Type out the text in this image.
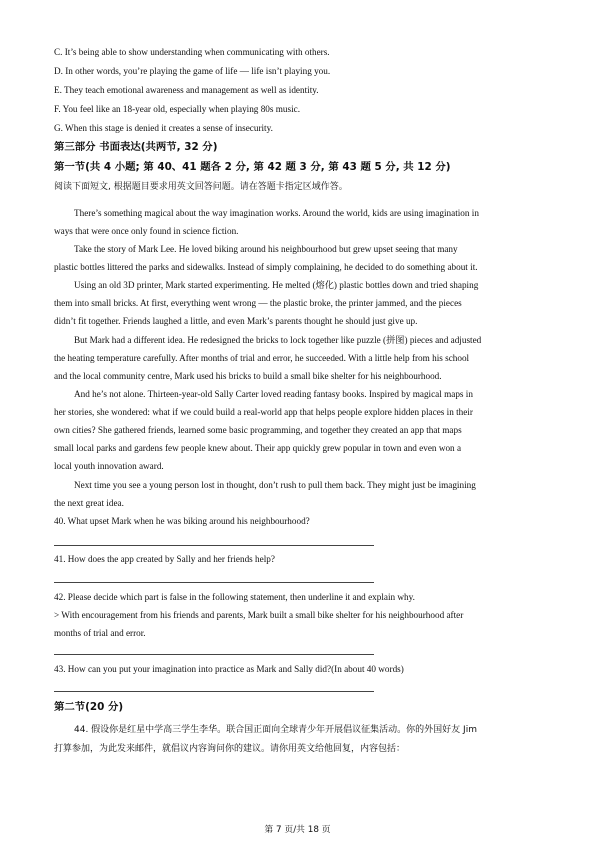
C. It’s being able to show understanding when communicating with others.
D. In other words, you’re playing the game of life — life isn’t playing you.
E. They teach emotional awareness and management as well as identity.
F. You feel like an 18-year old, especially when playing 80s music.
G. When this stage is denied it creates a sense of insecurity.
第三部分 书面表达(共两节, 32 分)
第一节(共 4 小题; 第 40、41 题各 2 分, 第 42 题 3 分, 第 43 题 5 分, 共 12 分)
阅读下面短文, 根据题目要求用英文回答问题。请在答题卡指定区域作答。
There’s something magical about the way imagination works. Around the world, kids are using imagination in
ways that were once only found in science fiction.
Take the story of Mark Lee. He loved biking around his neighbourhood but grew upset seeing that many
plastic bottles littered the parks and sidewalks. Instead of simply complaining, he decided to do something about it.
Using an old 3D printer, Mark started experimenting. He melted (熔化) plastic bottles down and tried shaping
them into small bricks. At first, everything went wrong — the plastic broke, the printer jammed, and the pieces
didn’t fit together. Friends laughed a little, and even Mark’s parents thought he should just give up.
But Mark had a different idea. He redesigned the bricks to lock together like puzzle (拼图) pieces and adjusted
the heating temperature carefully. After months of trial and error, he succeeded. With a little help from his school
and the local community centre, Mark used his bricks to build a small bike shelter for his neighbourhood.
And he’s not alone. Thirteen-year-old Sally Carter loved reading fantasy books. Inspired by magical maps in
her stories, she wondered: what if we could build a real-world app that helps people explore hidden places in their
own cities? She gathered friends, learned some basic programming, and together they created an app that maps
small local parks and gardens few people knew about. Their app quickly grew popular in town and even won a
local youth innovation award.
Next time you see a young person lost in thought, don’t rush to pull them back. They might just be imagining
the next great idea.
40. What upset Mark when he was biking around his neighbourhood?
41. How does the app created by Sally and her friends help?
42. Please decide which part is false in the following statement, then underline it and explain why.
> With encouragement from his friends and parents, Mark built a small bike shelter for his neighbourhood after
months of trial and error.
43. How can you put your imagination into practice as Mark and Sally did?(In about 40 words)
第二节(20 分)
44. 假设你是红星中学高三学生李华。联合国正面向全球青少年开展倡议征集活动。你的外国好友 Jim
打算参加，为此发来邮件，就倡议内容询问你的建议。请你用英文给他回复，内容包括：
第 7 页/共 18 页
